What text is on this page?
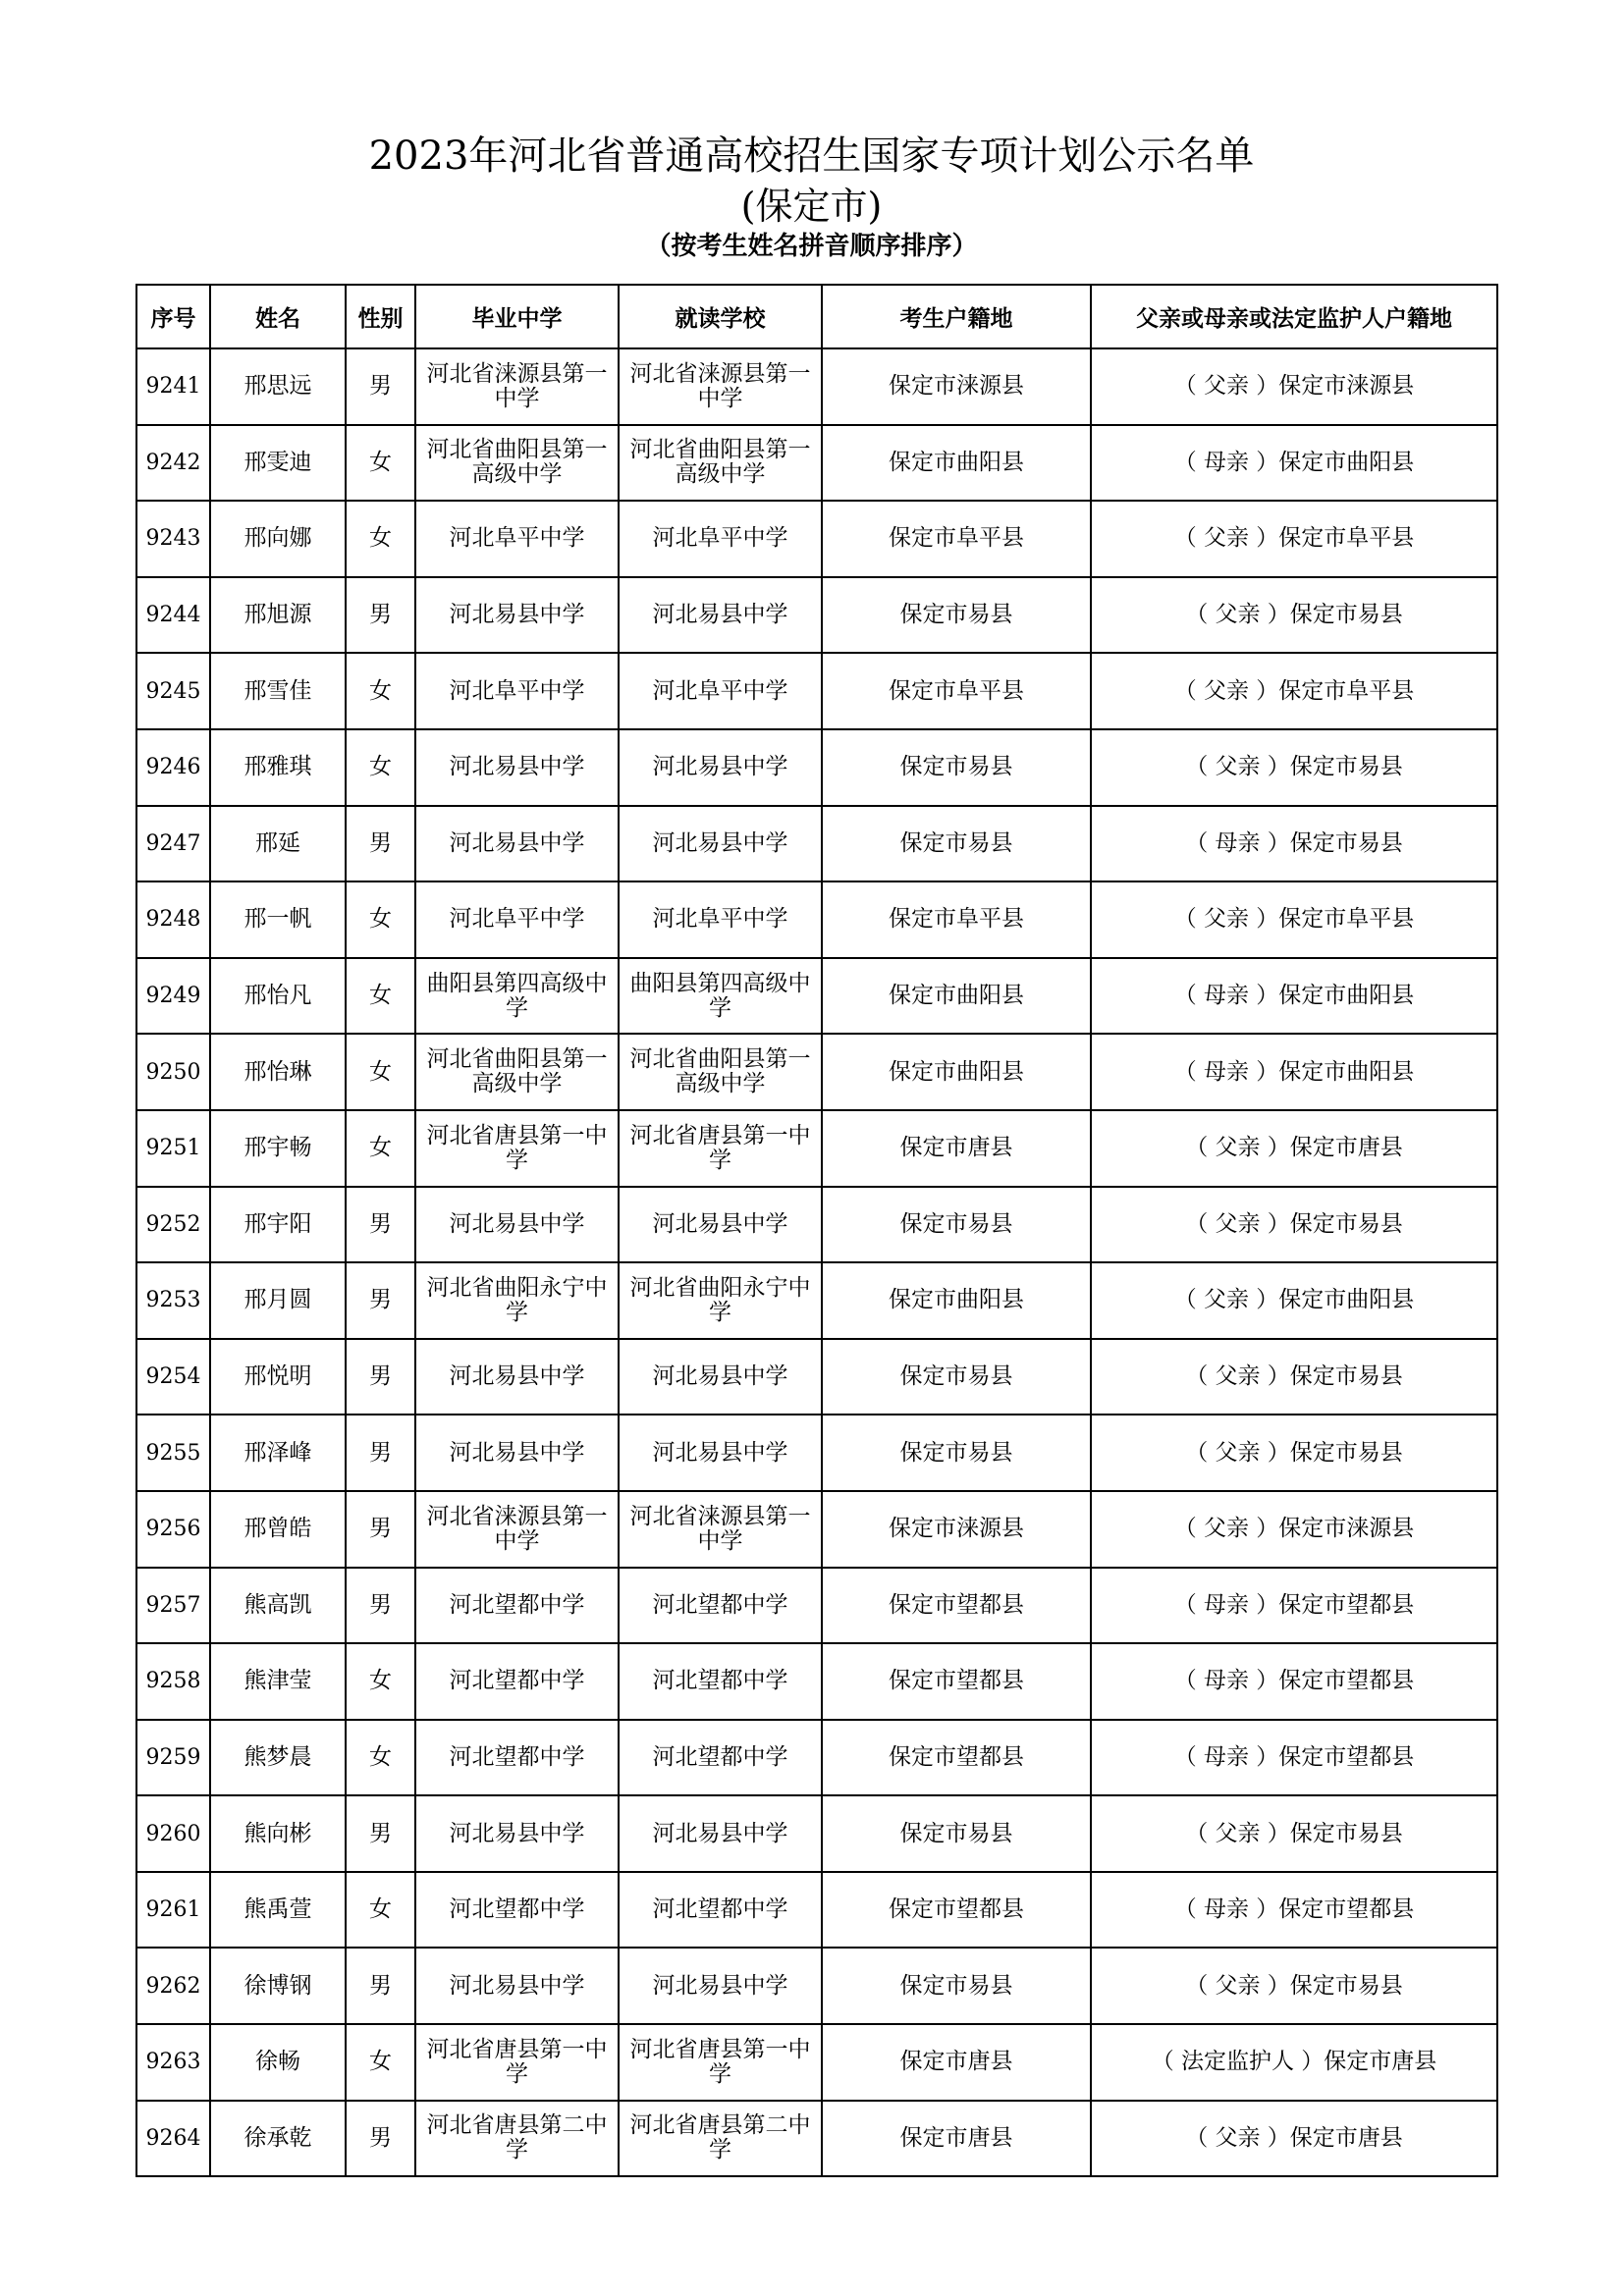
2023年河北省普通高校招生国家专项计划公示名单
(保定市)
（按考生姓名拼音顺序排序）
序号	姓名	性别	毕业中学	就读学校	考生户籍地	父亲或母亲或法定监护人户籍地
9241	邢思远	男	河北省涞源县第一中学	河北省涞源县第一中学	保定市涞源县	（ 父亲 ）保定市涞源县
9242	邢雯迪	女	河北省曲阳县第一高级中学	河北省曲阳县第一高级中学	保定市曲阳县	（ 母亲 ）保定市曲阳县
9243	邢向娜	女	河北阜平中学	河北阜平中学	保定市阜平县	（ 父亲 ）保定市阜平县
9244	邢旭源	男	河北易县中学	河北易县中学	保定市易县	（ 父亲 ）保定市易县
9245	邢雪佳	女	河北阜平中学	河北阜平中学	保定市阜平县	（ 父亲 ）保定市阜平县
9246	邢雅琪	女	河北易县中学	河北易县中学	保定市易县	（ 父亲 ）保定市易县
9247	邢延	男	河北易县中学	河北易县中学	保定市易县	（ 母亲 ）保定市易县
9248	邢一帆	女	河北阜平中学	河北阜平中学	保定市阜平县	（ 父亲 ）保定市阜平县
9249	邢怡凡	女	曲阳县第四高级中学	曲阳县第四高级中学	保定市曲阳县	（ 母亲 ）保定市曲阳县
9250	邢怡琳	女	河北省曲阳县第一高级中学	河北省曲阳县第一高级中学	保定市曲阳县	（ 母亲 ）保定市曲阳县
9251	邢宇畅	女	河北省唐县第一中学	河北省唐县第一中学	保定市唐县	（ 父亲 ）保定市唐县
9252	邢宇阳	男	河北易县中学	河北易县中学	保定市易县	（ 父亲 ）保定市易县
9253	邢月圆	男	河北省曲阳永宁中学	河北省曲阳永宁中学	保定市曲阳县	（ 父亲 ）保定市曲阳县
9254	邢悦明	男	河北易县中学	河北易县中学	保定市易县	（ 父亲 ）保定市易县
9255	邢泽峰	男	河北易县中学	河北易县中学	保定市易县	（ 父亲 ）保定市易县
9256	邢曾皓	男	河北省涞源县第一中学	河北省涞源县第一中学	保定市涞源县	（ 父亲 ）保定市涞源县
9257	熊高凯	男	河北望都中学	河北望都中学	保定市望都县	（ 母亲 ）保定市望都县
9258	熊津莹	女	河北望都中学	河北望都中学	保定市望都县	（ 母亲 ）保定市望都县
9259	熊梦晨	女	河北望都中学	河北望都中学	保定市望都县	（ 母亲 ）保定市望都县
9260	熊向彬	男	河北易县中学	河北易县中学	保定市易县	（ 父亲 ）保定市易县
9261	熊禹萱	女	河北望都中学	河北望都中学	保定市望都县	（ 母亲 ）保定市望都县
9262	徐博钢	男	河北易县中学	河北易县中学	保定市易县	（ 父亲 ）保定市易县
9263	徐畅	女	河北省唐县第一中学	河北省唐县第一中学	保定市唐县	（ 法定监护人 ）保定市唐县
9264	徐承乾	男	河北省唐县第二中学	河北省唐县第二中学	保定市唐县	（ 父亲 ）保定市唐县
